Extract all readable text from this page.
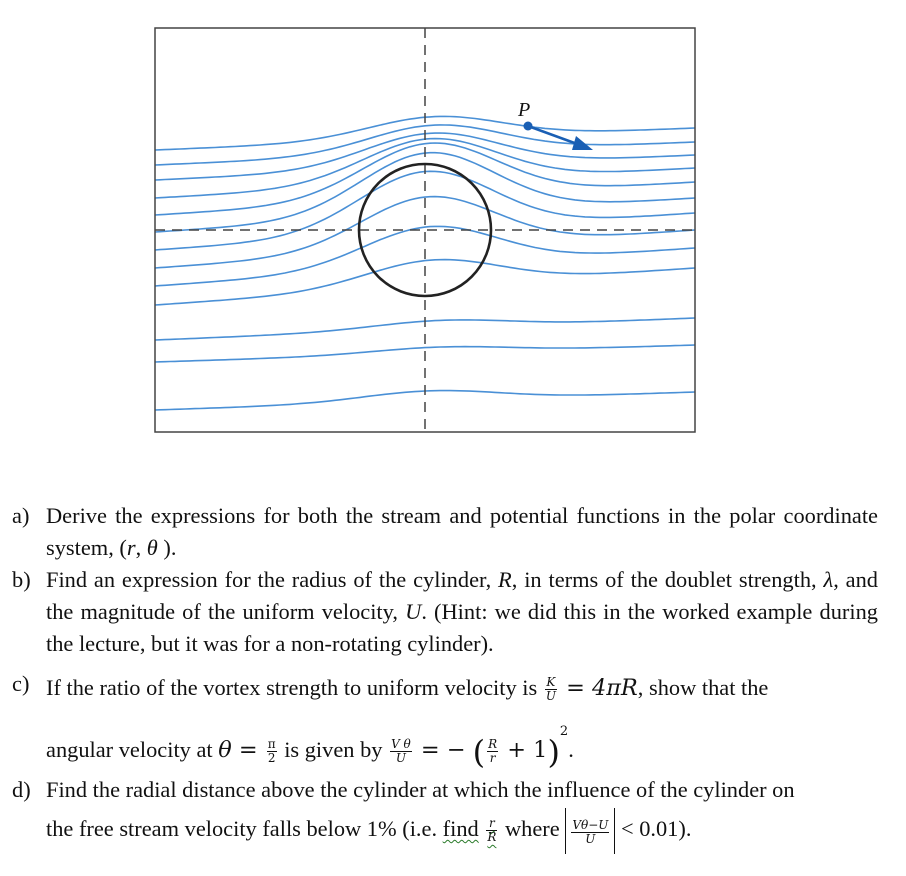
P
a) Derive the expressions for both the stream and potential functions in the polar coordinate system, (r, θ ).
b) Find an expression for the radius of the cylinder, R, in terms of the doublet strength, λ, and the magnitude of the uniform velocity, U. (Hint: we did this in the worked example during the lecture, but it was for a non-rotating cylinder).
c) If the ratio of the vortex strength to uniform velocity is $\frac{K}{U} = 4\pi R$, show that the
angular velocity at $\theta = \frac{\pi}{2}$ is given by $\frac{\text{V θ}}{U}$ = − ( $\frac{R}{r} + 1)^2$.
d) Find the radial distance above the cylinder at which the influence of the cylinder on
the free stream velocity falls below 1% (i.e. find $\frac{r}{R}$ where $\frac{V\theta-U}{U} < 0.01$).
